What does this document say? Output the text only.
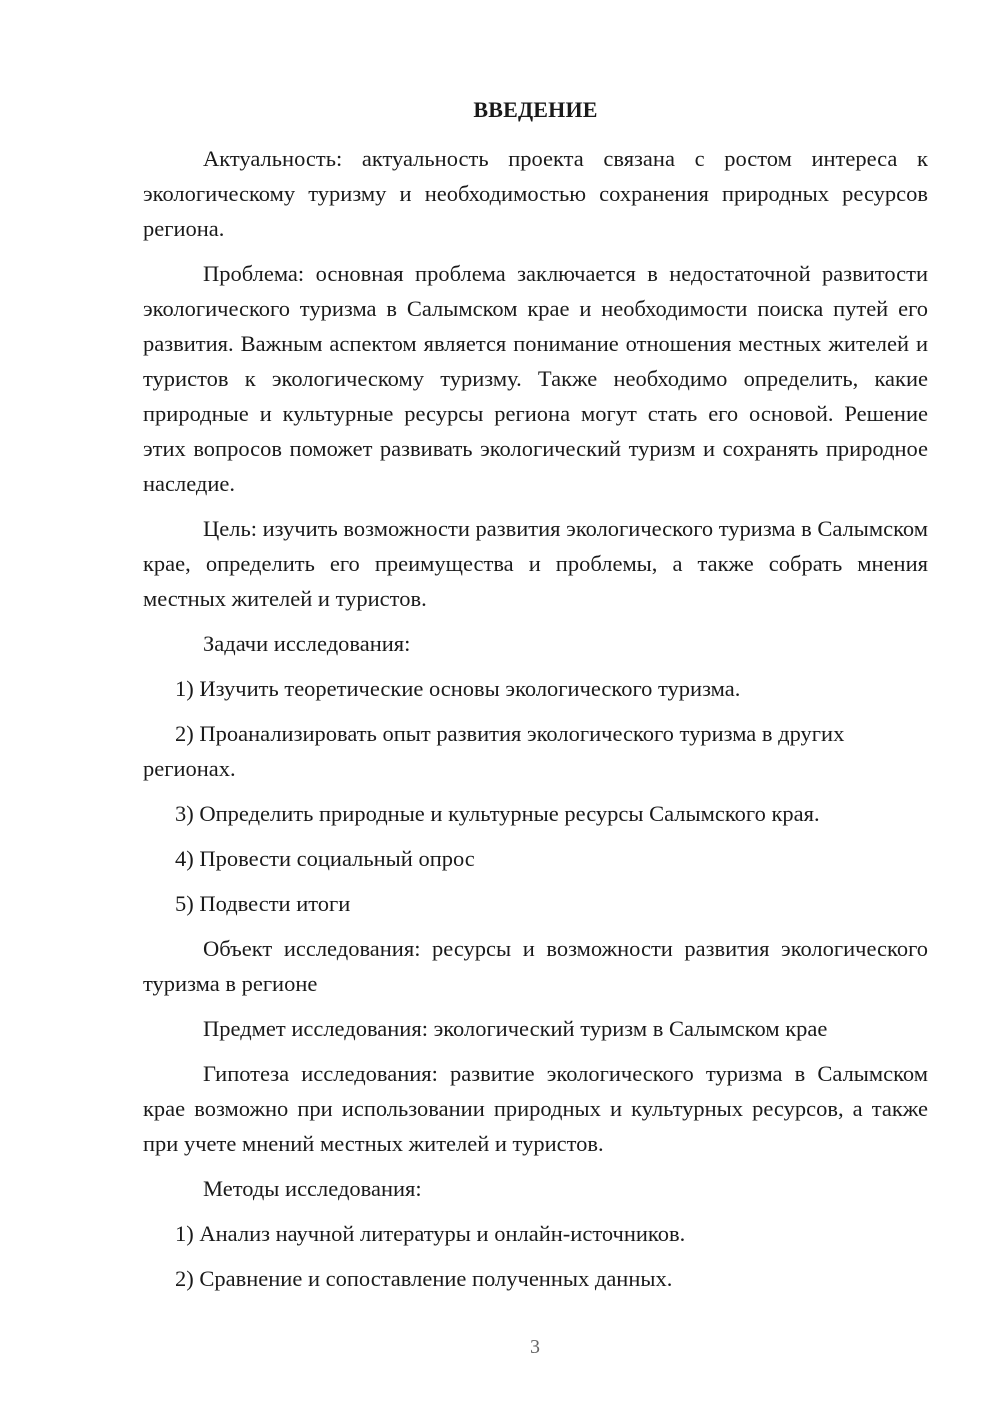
ВВЕДЕНИЕ

Актуальность: актуальность проекта связана с ростом интереса к экологическому туризму и необходимостью сохранения природных ресурсов региона.

Проблема: основная проблема заключается в недостаточной развитости экологического туризма в Салымском крае и необходимости поиска путей его развития. Важным аспектом является понимание отношения местных жителей и туристов к экологическому туризму. Также необходимо определить, какие природные и культурные ресурсы региона могут стать его основой. Решение этих вопросов поможет развивать экологический туризм и сохранять природное наследие.

Цель: изучить возможности развития экологического туризма в Салымском крае, определить его преимущества и проблемы, а также собрать мнения местных жителей и туристов.

Задачи исследования:

1) Изучить теоретические основы экологического туризма.

2) Проанализировать опыт развития экологического туризма в других регионах.

3) Определить природные и культурные ресурсы Салымского края.

4) Провести социальный опрос

5) Подвести итоги

Объект исследования: ресурсы и возможности развития экологического туризма в регионе

Предмет исследования: экологический туризм в Салымском крае

Гипотеза исследования: развитие экологического туризма в Салымском крае возможно при использовании природных и культурных ресурсов, а также при учете мнений местных жителей и туристов.

Методы исследования:

1) Анализ научной литературы и онлайн-источников.

2) Сравнение и сопоставление полученных данных.

3
